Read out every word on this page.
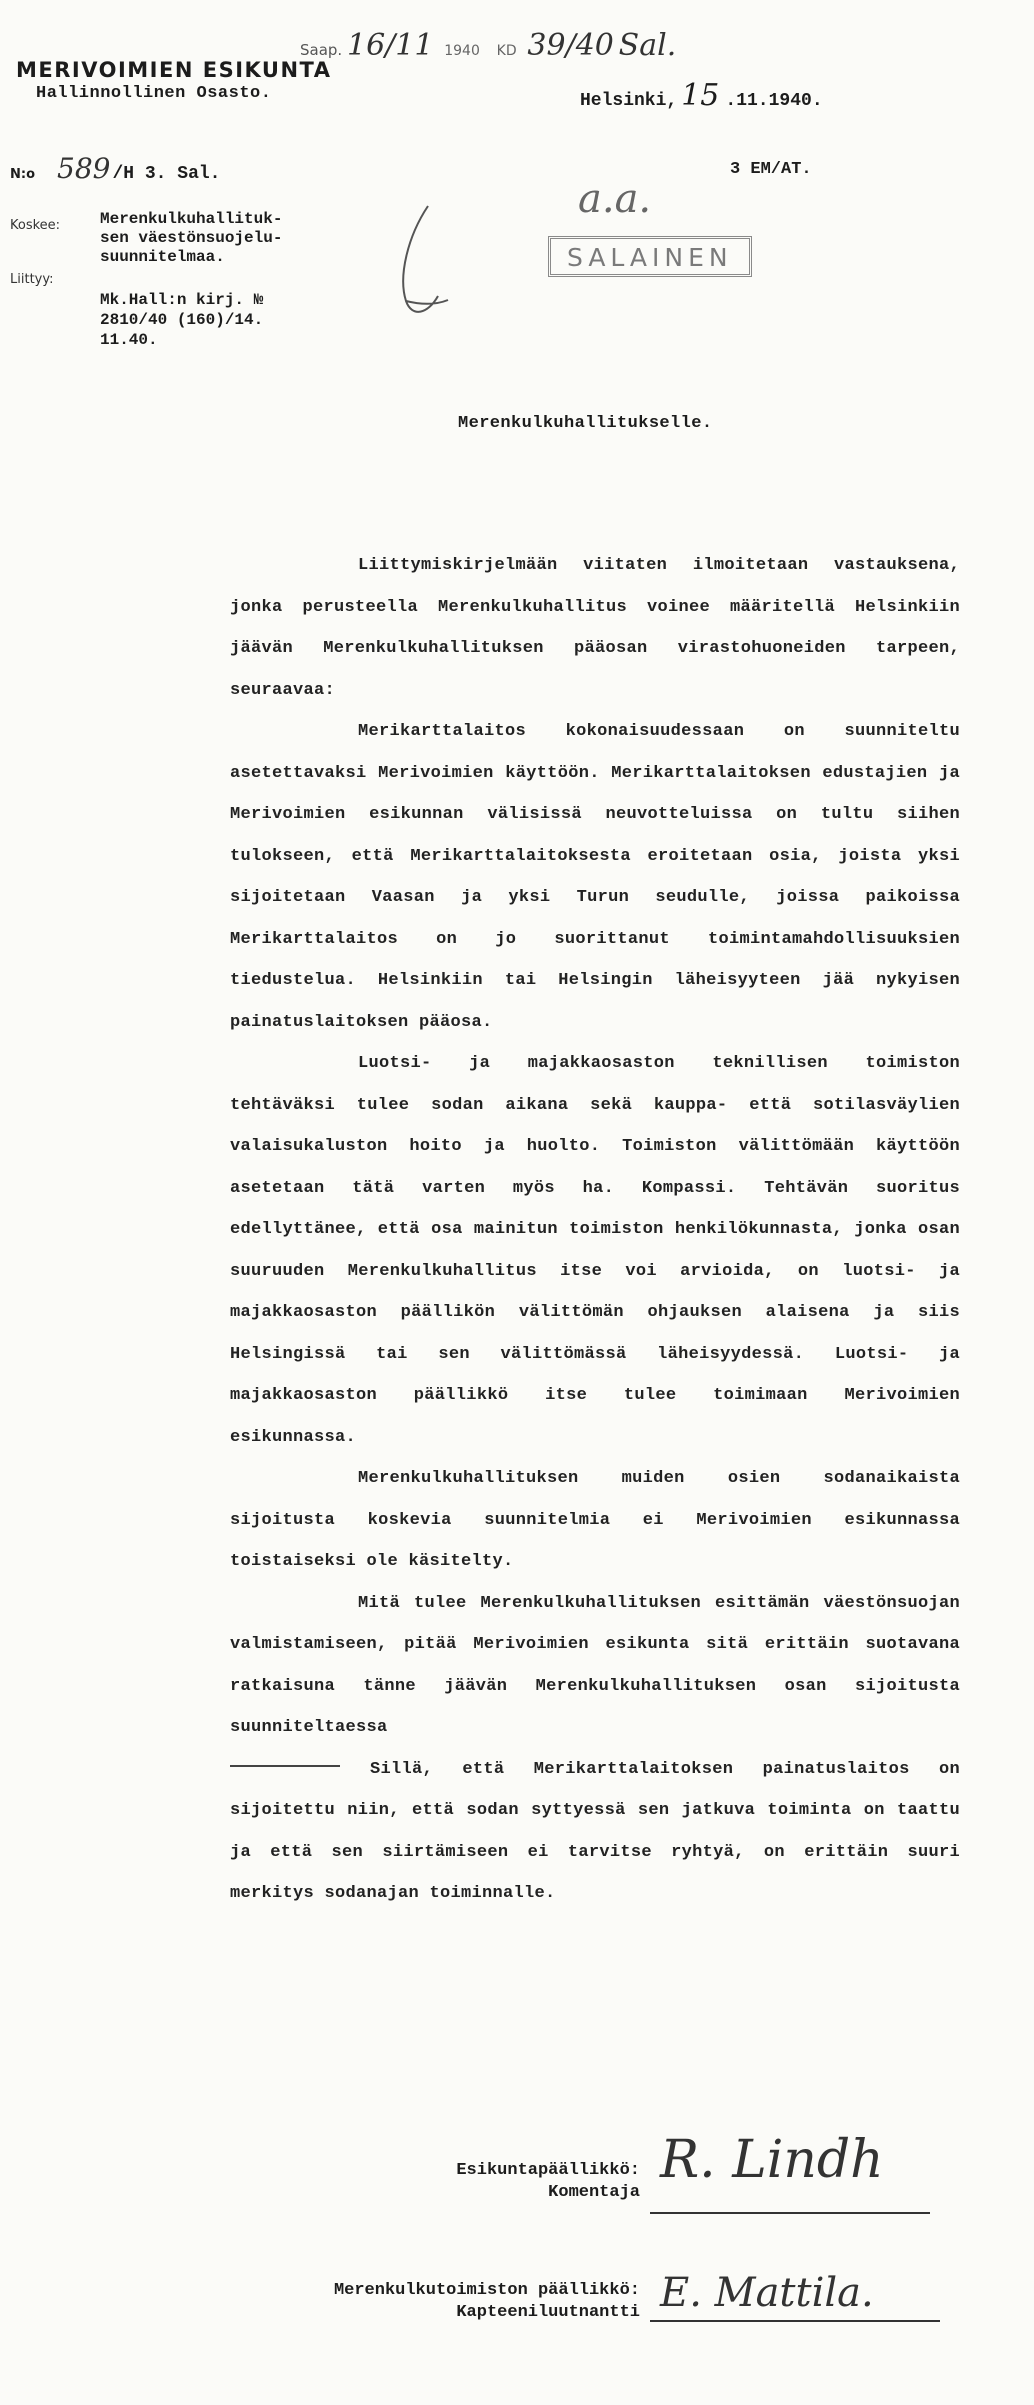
Saap. 16/11 1940 KD 39/40 Sal.
MERIVOIMIEN ESIKUNTA
Hallinnollinen Osasto.	Helsinki, 15 .11.1940.
N:o 589 /H 3. Sal.	3 EM/AT.
Koskee: Merenkulkuhallituk-
sen väestönsuojelu-
suunnitelmaa.
Liittyy:
Mk.Hall:n kirj. №
2810/40 (160)/14.
11.40.
a.a.
SALAINEN
Merenkulkuhallitukselle.

Liittymiskirjelmään viitaten ilmoitetaan vastauksena, jonka perusteella Merenkulkuhallitus voinee määritellä Helsinkiin jäävän Merenkulkuhallituksen pääosan virastohuoneiden tarpeen, seuraavaa:

Merikarttalaitos kokonaisuudessaan on suunniteltu asetettavaksi Merivoimien käyttöön. Merikarttalaitoksen edustajien ja Merivoimien esikunnan välisissä neuvotteluissa on tultu siihen tulokseen, että Merikarttalaitoksesta eroitetaan osia, joista yksi sijoitetaan Vaasan ja yksi Turun seudulle, joissa paikoissa Merikarttalaitos on jo suorittanut toimintamahdollisuuksien tiedustelua. Helsinkiin tai Helsingin läheisyyteen jää nykyisen painatuslaitoksen pääosa.

Luotsi- ja majakkaosaston teknillisen toimiston tehtäväksi tulee sodan aikana sekä kauppa- että sotilasväylien valaisukaluston hoito ja huolto. Toimiston välittömään käyttöön asetetaan tätä varten myös ha. Kompassi. Tehtävän suoritus edellyttänee, että osa mainitun toimiston henkilökunnasta, jonka osan suuruuden Merenkulkuhallitus itse voi arvioida, on luotsi- ja majakkaosaston päällikön välittömän ohjauksen alaisena ja siis Helsingissä tai sen välittömässä läheisyydessä. Luotsi- ja majakkaosaston päällikkö itse tulee toimimaan Merivoimien esikunnassa.

Merenkulkuhallituksen muiden osien sodanaikaista sijoitusta koskevia suunnitelmia ei Merivoimien esikunnassa toistaiseksi ole käsitelty.

Mitä tulee Merenkulkuhallituksen esittämän väestönsuojan valmistamiseen, pitää Merivoimien esikunta sitä erittäin suotavana ratkaisuna tänne jäävän Merenkulkuhallituksen osan sijoitusta suunniteltaessa
Sillä, että Merikarttalaitoksen painatuslaitos on sijoitettu niin, että sodan syttyessä sen jatkuva toiminta on taattu ja että sen siirtämiseen ei tarvitse ryhtyä, on erittäin suuri merkitys sodanajan toiminnalle.

Esikuntapäällikkö:
Komentaja
R. Lindh
Merenkulkutoimiston päällikkö:
Kapteeniluutnantti E. Mattila.
